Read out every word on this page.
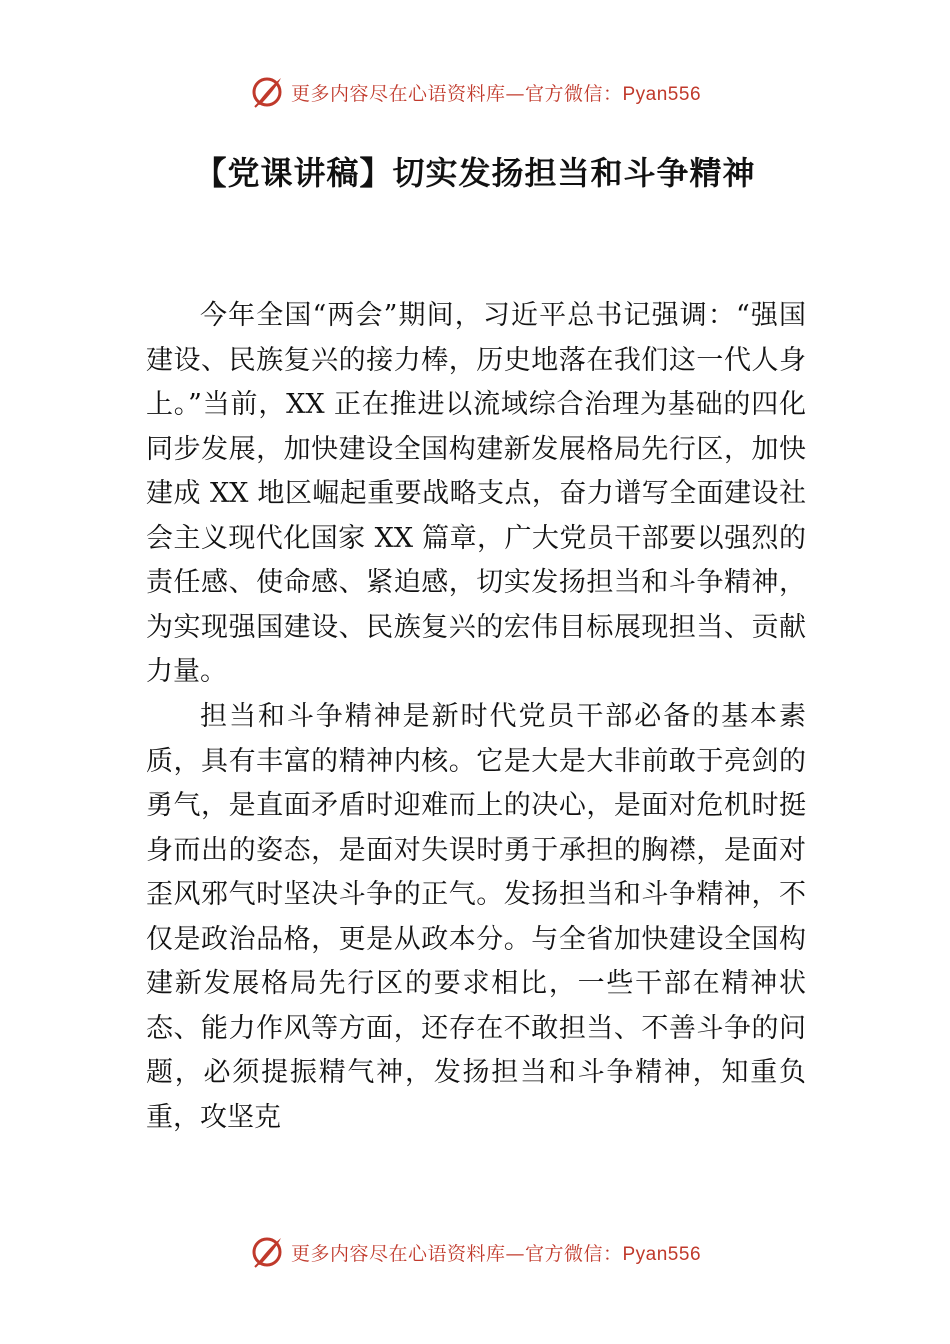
更多内容尽在心语资料库—官方微信：Pyan556
【党课讲稿】切实发扬担当和斗争精神

今年全国“两会”期间，习近平总书记强调：“强国建设、民族复兴的接力棒，历史地落在我们这一代人身上。”当前，XX 正在推进以流域综合治理为基础的四化同步发展，加快建设全国构建新发展格局先行区，加快建成 XX 地区崛起重要战略支点，奋力谱写全面建设社会主义现代化国家 XX 篇章，广大党员干部要以强烈的责任感、使命感、紧迫感，切实发扬担当和斗争精神，为实现强国建设、民族复兴的宏伟目标展现担当、贡献力量。

担当和斗争精神是新时代党员干部必备的基本素质，具有丰富的精神内核。它是大是大非前敢于亮剑的勇气，是直面矛盾时迎难而上的决心，是面对危机时挺身而出的姿态，是面对失误时勇于承担的胸襟，是面对歪风邪气时坚决斗争的正气。发扬担当和斗争精神，不仅是政治品格，更是从政本分。与全省加快建设全国构建新发展格局先行区的要求相比，一些干部在精神状态、能力作风等方面，还存在不敢担当、不善斗争的问题，必须提振精气神，发扬担当和斗争精神，知重负重，攻坚克

更多内容尽在心语资料库—官方微信：Pyan556
